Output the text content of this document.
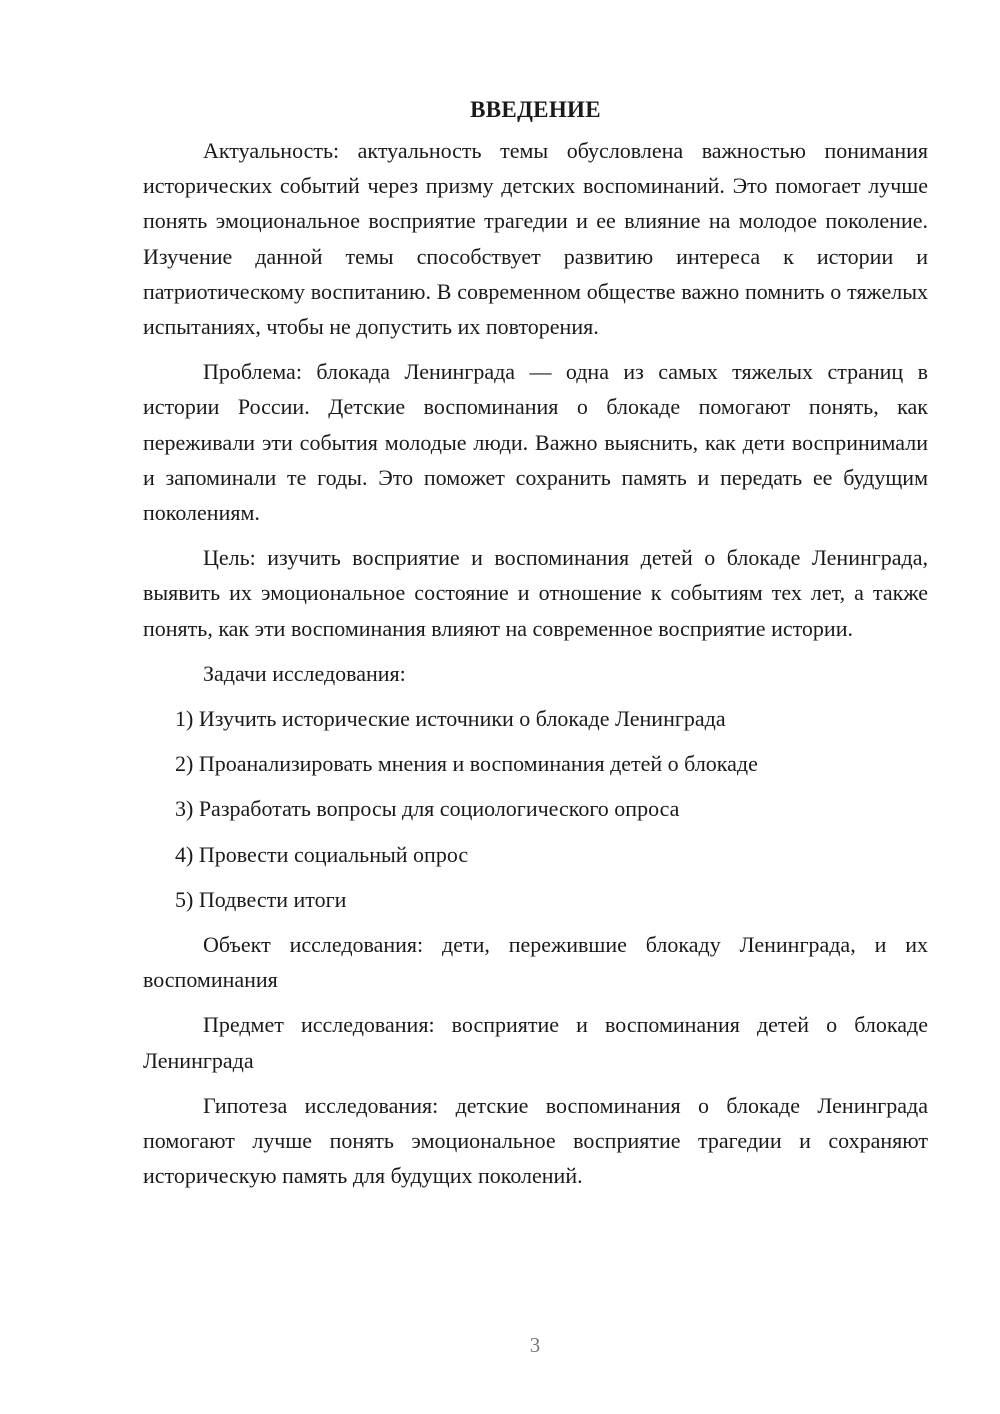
ВВЕДЕНИЕ

Актуальность: актуальность темы обусловлена важностью понимания исторических событий через призму детских воспоминаний. Это помогает лучше понять эмоциональное восприятие трагедии и ее влияние на молодое поколение. Изучение данной темы способствует развитию интереса к истории и патриотическому воспитанию. В современном обществе важно помнить о тяжелых испытаниях, чтобы не допустить их повторения.

Проблема: блокада Ленинграда — одна из самых тяжелых страниц в истории России. Детские воспоминания о блокаде помогают понять, как переживали эти события молодые люди. Важно выяснить, как дети воспринимали и запоминали те годы. Это поможет сохранить память и передать ее будущим поколениям.

Цель: изучить восприятие и воспоминания детей о блокаде Ленинграда, выявить их эмоциональное состояние и отношение к событиям тех лет, а также понять, как эти воспоминания влияют на современное восприятие истории.

Задачи исследования:

1) Изучить исторические источники о блокаде Ленинграда
2) Проанализировать мнения и воспоминания детей о блокаде
3) Разработать вопросы для социологического опроса
4) Провести социальный опрос
5) Подвести итоги

Объект исследования: дети, пережившие блокаду Ленинграда, и их воспоминания

Предмет исследования: восприятие и воспоминания детей о блокаде Ленинграда

Гипотеза исследования: детские воспоминания о блокаде Ленинграда помогают лучше понять эмоциональное восприятие трагедии и сохраняют историческую память для будущих поколений.

3
